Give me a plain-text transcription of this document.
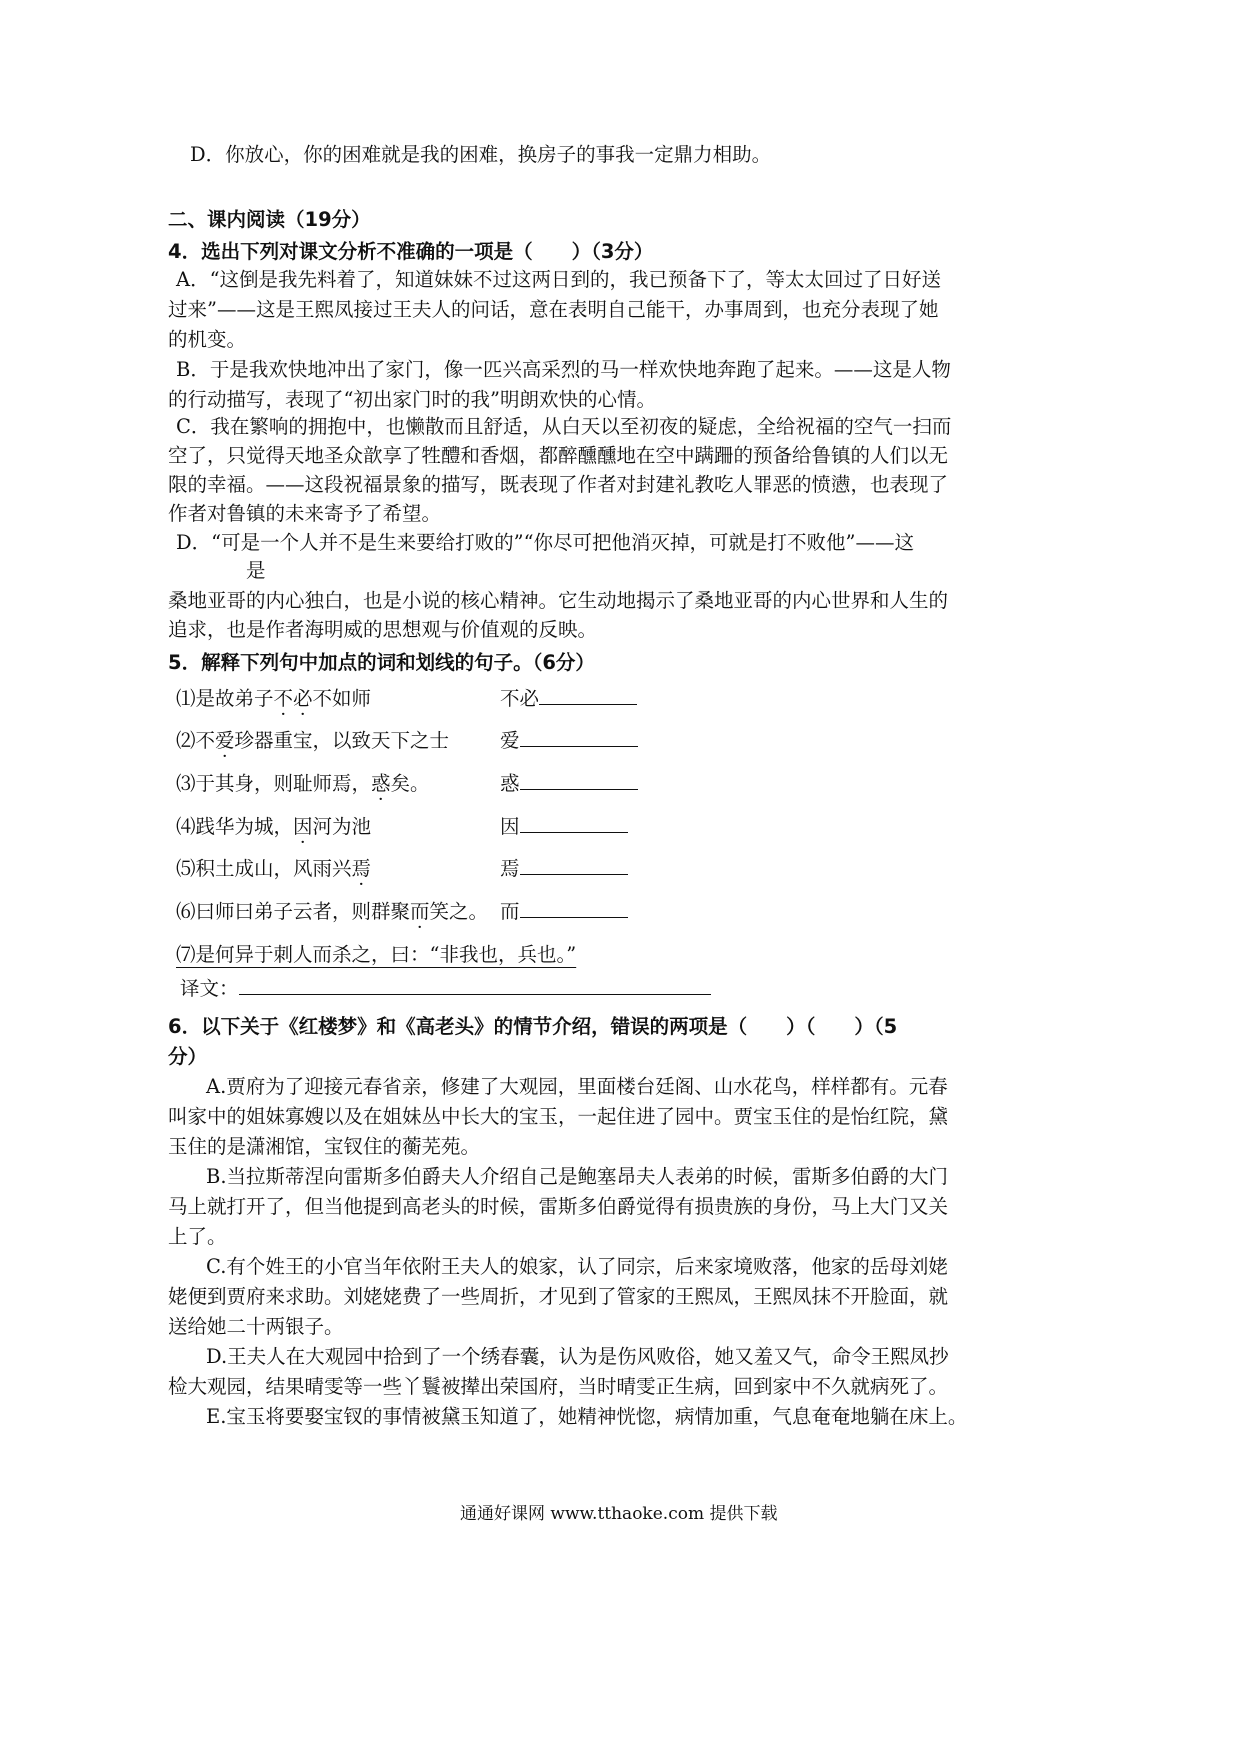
D．你放心，你的困难就是我的困难，换房子的事我一定鼎力相助。
二、课内阅读（19分）
4．选出下列对课文分析不准确的一项是（　　）（3分）
A．“这倒是我先料着了，知道妹妹不过这两日到的，我已预备下了，等太太回过了日好送
过来”——这是王熙凤接过王夫人的问话，意在表明自己能干，办事周到，也充分表现了她
的机变。
B．于是我欢快地冲出了家门，像一匹兴高采烈的马一样欢快地奔跑了起来。——这是人物
的行动描写，表现了“初出家门时的我”明朗欢快的心情。
C．我在繁响的拥抱中，也懒散而且舒适，从白天以至初夜的疑虑，全给祝福的空气一扫而
空了，只觉得天地圣众歆享了牲醴和香烟，都醉醺醺地在空中蹒跚的预备给鲁镇的人们以无
限的幸福。——这段祝福景象的描写，既表现了作者对封建礼教吃人罪恶的愤懑，也表现了
作者对鲁镇的未来寄予了希望。
D．“可是一个人并不是生来要给打败的”“你尽可把他消灭掉，可就是打不败他”——这
是
桑地亚哥的内心独白，也是小说的核心精神。它生动地揭示了桑地亚哥的内心世界和人生的
追求，也是作者海明威的思想观与价值观的反映。
5．解释下列句中加点的词和划线的句子。（6分）
⑴是故弟子不必不如师	不必
⑵不爱珍器重宝，以致天下之士	爱
⑶于其身，则耻师焉，惑矣。	惑
⑷践华为城，因河为池	因
⑸积土成山，风雨兴焉	焉
⑹曰师曰弟子云者，则群聚而笑之。 而
⑺是何异于刺人而杀之，曰：“非我也，兵也。”
译文：
6．以下关于《红楼梦》和《高老头》的情节介绍，错误的两项是（　　）（　　）（5
分）
A.贾府为了迎接元春省亲，修建了大观园，里面楼台廷阁、山水花鸟，样样都有。元春
叫家中的姐妹寡嫂以及在姐妹丛中长大的宝玉，一起住进了园中。贾宝玉住的是怡红院，黛
玉住的是潇湘馆，宝钗住的蘅芜苑。
B.当拉斯蒂涅向雷斯多伯爵夫人介绍自己是鲍塞昂夫人表弟的时候，雷斯多伯爵的大门
马上就打开了，但当他提到高老头的时候，雷斯多伯爵觉得有损贵族的身份，马上大门又关
上了。
C.有个姓王的小官当年依附王夫人的娘家，认了同宗，后来家境败落，他家的岳母刘姥
姥便到贾府来求助。刘姥姥费了一些周折，才见到了管家的王熙凤，王熙凤抹不开脸面，就
送给她二十两银子。
D.王夫人在大观园中拾到了一个绣春囊，认为是伤风败俗，她又羞又气，命令王熙凤抄
检大观园，结果晴雯等一些丫鬟被撵出荣国府，当时晴雯正生病，回到家中不久就病死了。
E.宝玉将要娶宝钗的事情被黛玉知道了，她精神恍惚，病情加重，气息奄奄地躺在床上。
通通好课网 www.tthaoke.com 提供下载
